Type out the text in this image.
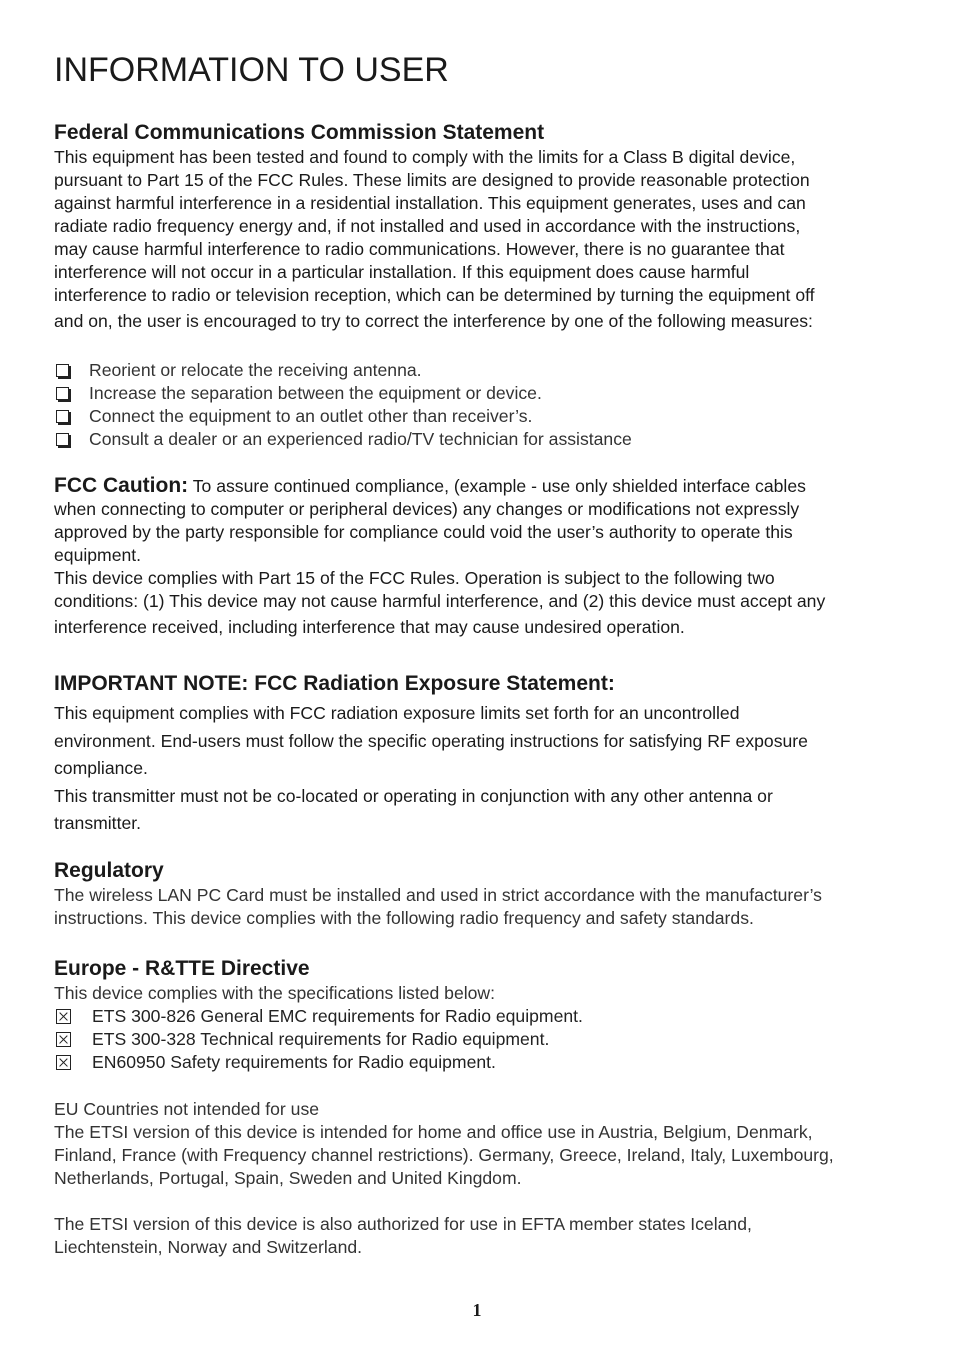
INFORMATION TO USER
Federal Communications Commission Statement

This equipment has been tested and found to comply with the limits for a Class B digital device,

pursuant to Part 15 of the FCC Rules. These limits are designed to provide reasonable protection

against harmful interference in a residential installation. This equipment generates, uses and can

radiate radio frequency energy and, if not installed and used in accordance with the instructions,

may cause harmful interference to radio communications. However, there is no guarantee that

interference will not occur in a particular installation. If this equipment does cause harmful

interference to radio or television reception, which can be determined by turning the equipment off

and on, the user is encouraged to try to correct the interference by one of the following measures:

Reorient or relocate the receiving antenna.
Increase the separation between the equipment or device.
Connect the equipment to an outlet other than receiver’s.
Consult a dealer or an experienced radio/TV technician for assistance

FCC Caution: To assure continued compliance, (example - use only shielded interface cables

when connecting to computer or peripheral devices) any changes or modifications not expressly

approved by the party responsible for compliance could void the user’s authority to operate this

equipment.

This device complies with Part 15 of the FCC Rules. Operation is subject to the following two

conditions: (1) This device may not cause harmful interference, and (2) this device must accept any

interference received, including interference that may cause undesired operation.

IMPORTANT NOTE: FCC Radiation Exposure Statement:

This equipment complies with FCC radiation exposure limits set forth for an uncontrolled

environment. End-users must follow the specific operating instructions for satisfying RF exposure

compliance.

This transmitter must not be co-located or operating in conjunction with any other antenna or

transmitter.

Regulatory

The wireless LAN PC Card must be installed and used in strict accordance with the manufacturer’s

instructions. This device complies with the following radio frequency and safety standards.

Europe - R&TTE Directive

This device complies with the specifications listed below:

ETS 300-826 General EMC requirements for Radio equipment.
ETS 300-328 Technical requirements for Radio equipment.
EN60950 Safety requirements for Radio equipment.

EU Countries not intended for use

The ETSI version of this device is intended for home and office use in Austria, Belgium, Denmark,

Finland, France (with Frequency channel restrictions). Germany, Greece, Ireland, Italy, Luxembourg,

Netherlands, Portugal, Spain, Sweden and United Kingdom.

The ETSI version of this device is also authorized for use in EFTA member states Iceland,

Liechtenstein, Norway and Switzerland.

1
